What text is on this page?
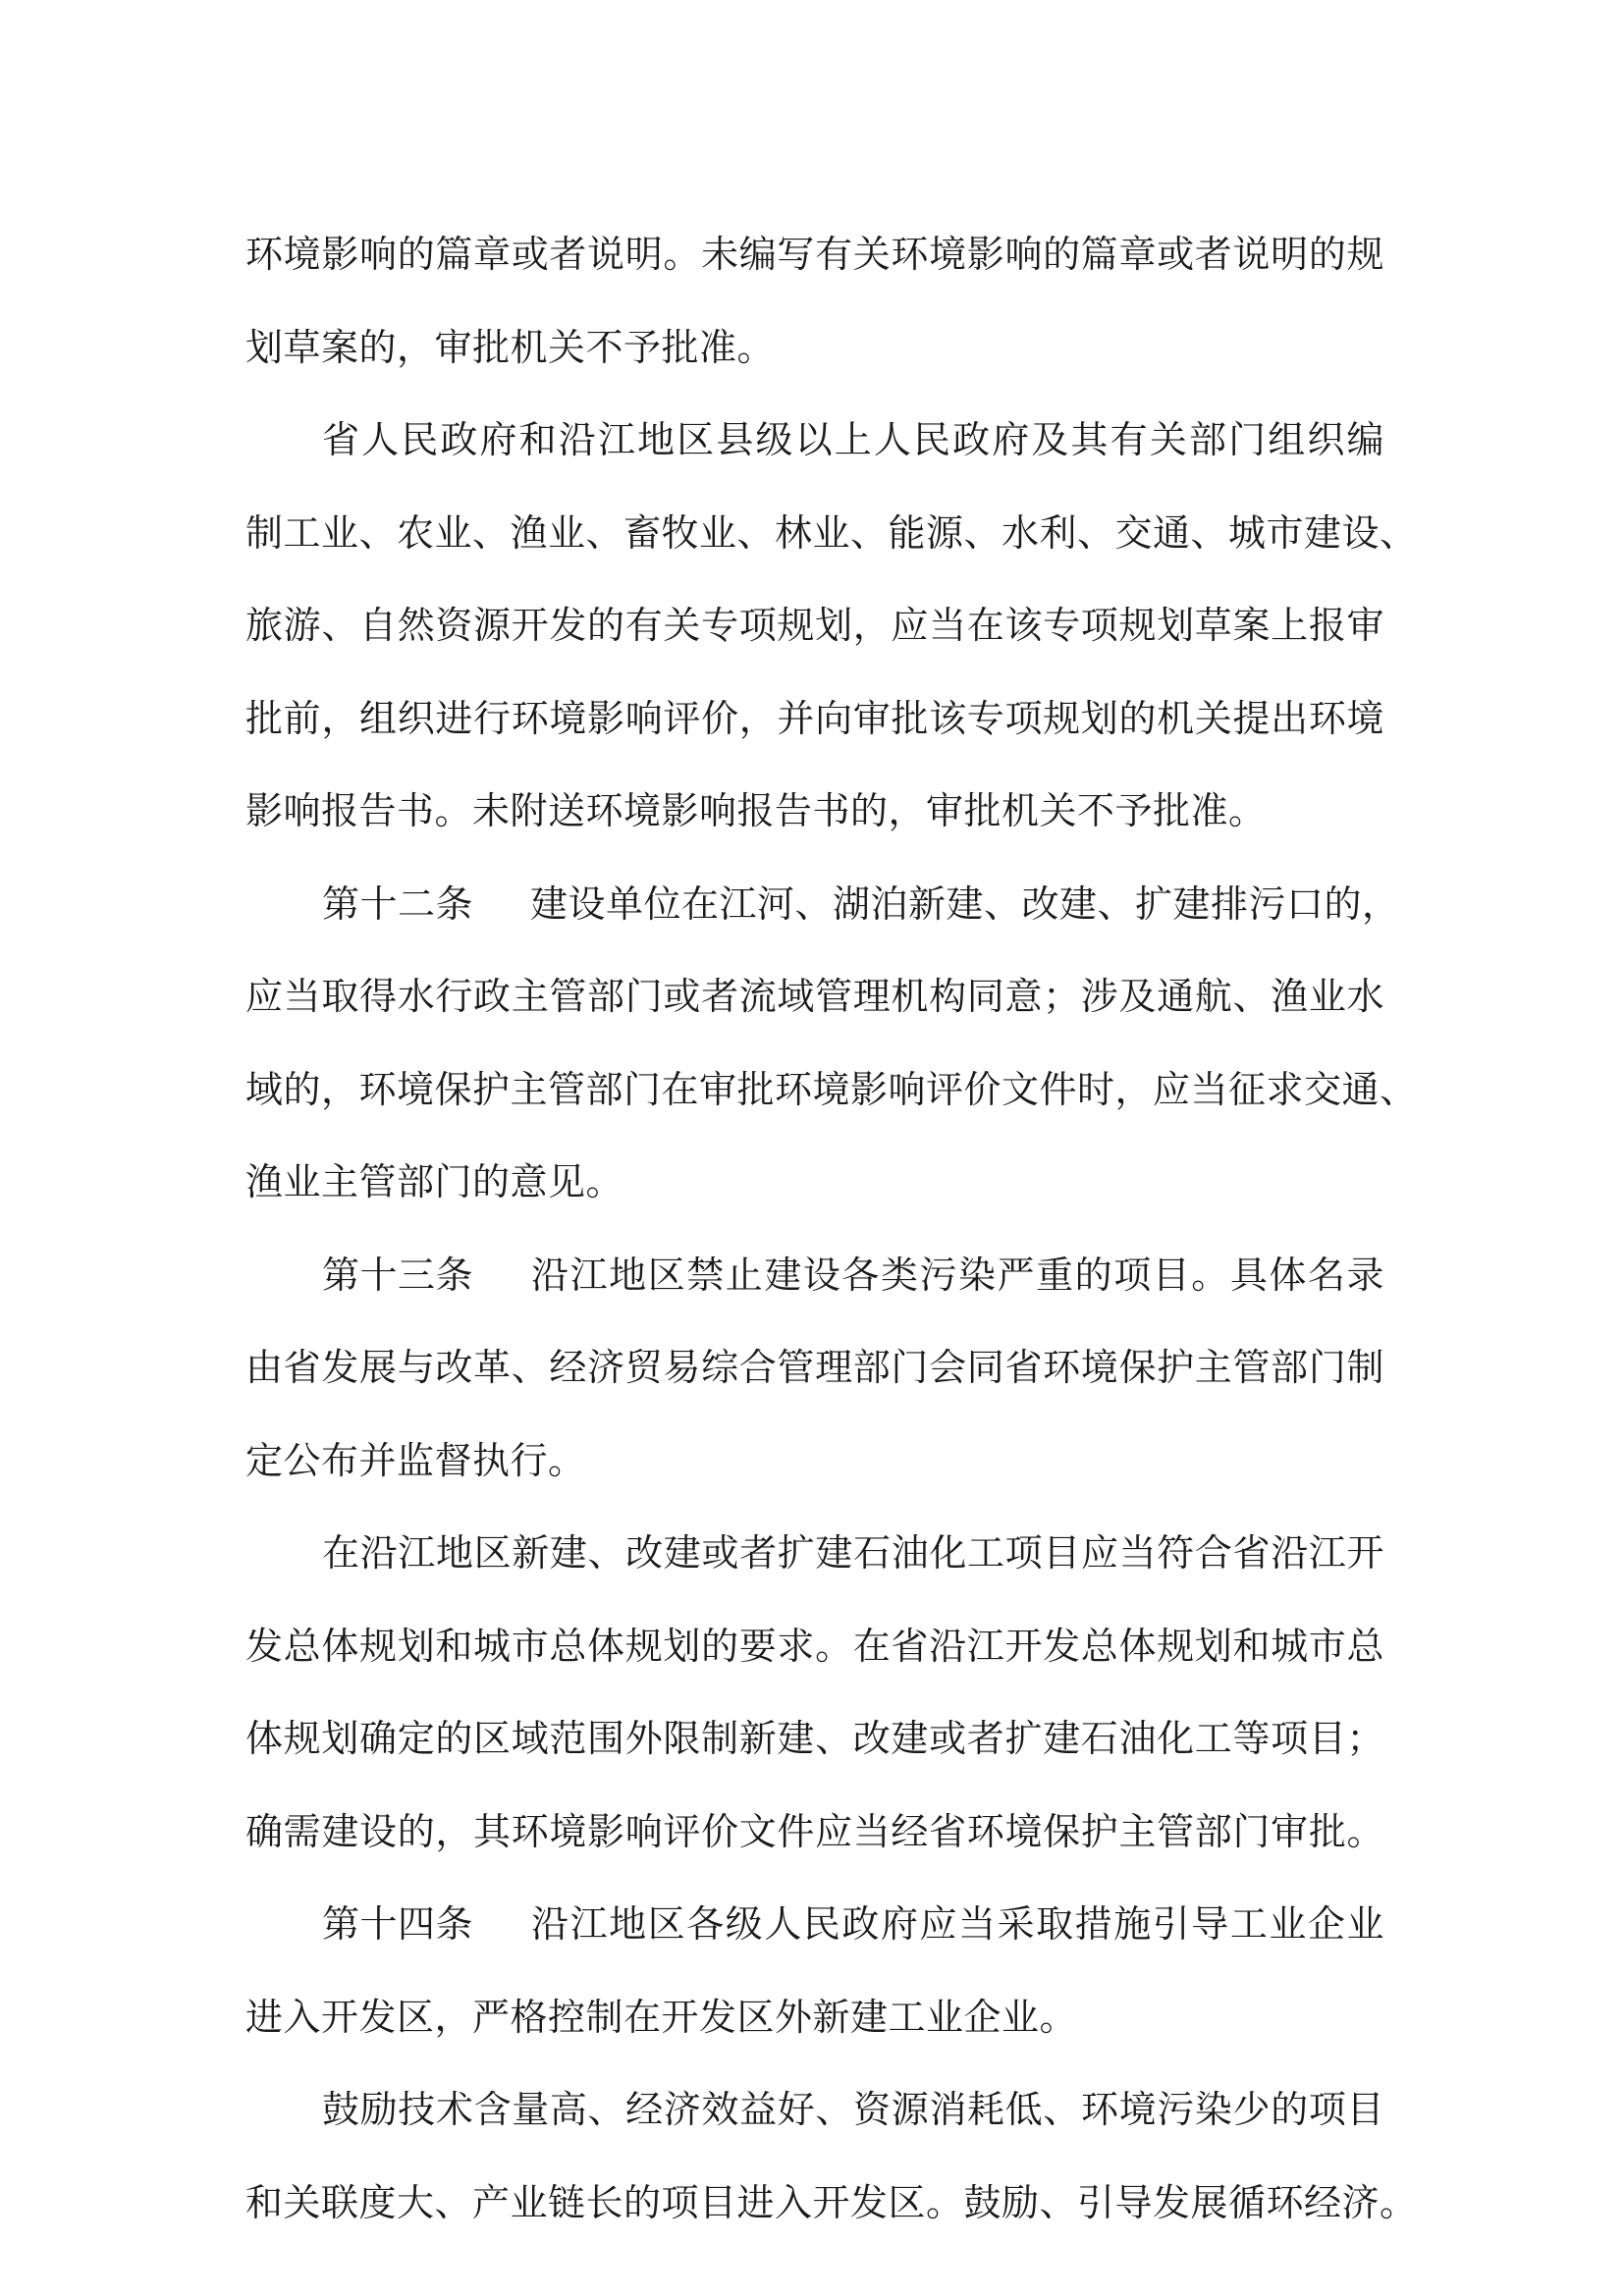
环境影响的篇章或者说明。未编写有关环境影响的篇章或者说明的规
划草案的，审批机关不予批准。
省人民政府和沿江地区县级以上人民政府及其有关部门组织编
制工业、农业、渔业、畜牧业、林业、能源、水利、交通、城市建设、
旅游、自然资源开发的有关专项规划，应当在该专项规划草案上报审
批前，组织进行环境影响评价，并向审批该专项规划的机关提出环境
影响报告书。未附送环境影响报告书的，审批机关不予批准。
第十二条 建设单位在江河、湖泊新建、改建、扩建排污口的，
应当取得水行政主管部门或者流域管理机构同意；涉及通航、渔业水
域的，环境保护主管部门在审批环境影响评价文件时，应当征求交通、
渔业主管部门的意见。
第十三条 沿江地区禁止建设各类污染严重的项目。具体名录
由省发展与改革、经济贸易综合管理部门会同省环境保护主管部门制
定公布并监督执行。
在沿江地区新建、改建或者扩建石油化工项目应当符合省沿江开
发总体规划和城市总体规划的要求。在省沿江开发总体规划和城市总
体规划确定的区域范围外限制新建、改建或者扩建石油化工等项目；
确需建设的，其环境影响评价文件应当经省环境保护主管部门审批。
第十四条 沿江地区各级人民政府应当采取措施引导工业企业
进入开发区，严格控制在开发区外新建工业企业。
鼓励技术含量高、经济效益好、资源消耗低、环境污染少的项目
和关联度大、产业链长的项目进入开发区。鼓励、引导发展循环经济。
